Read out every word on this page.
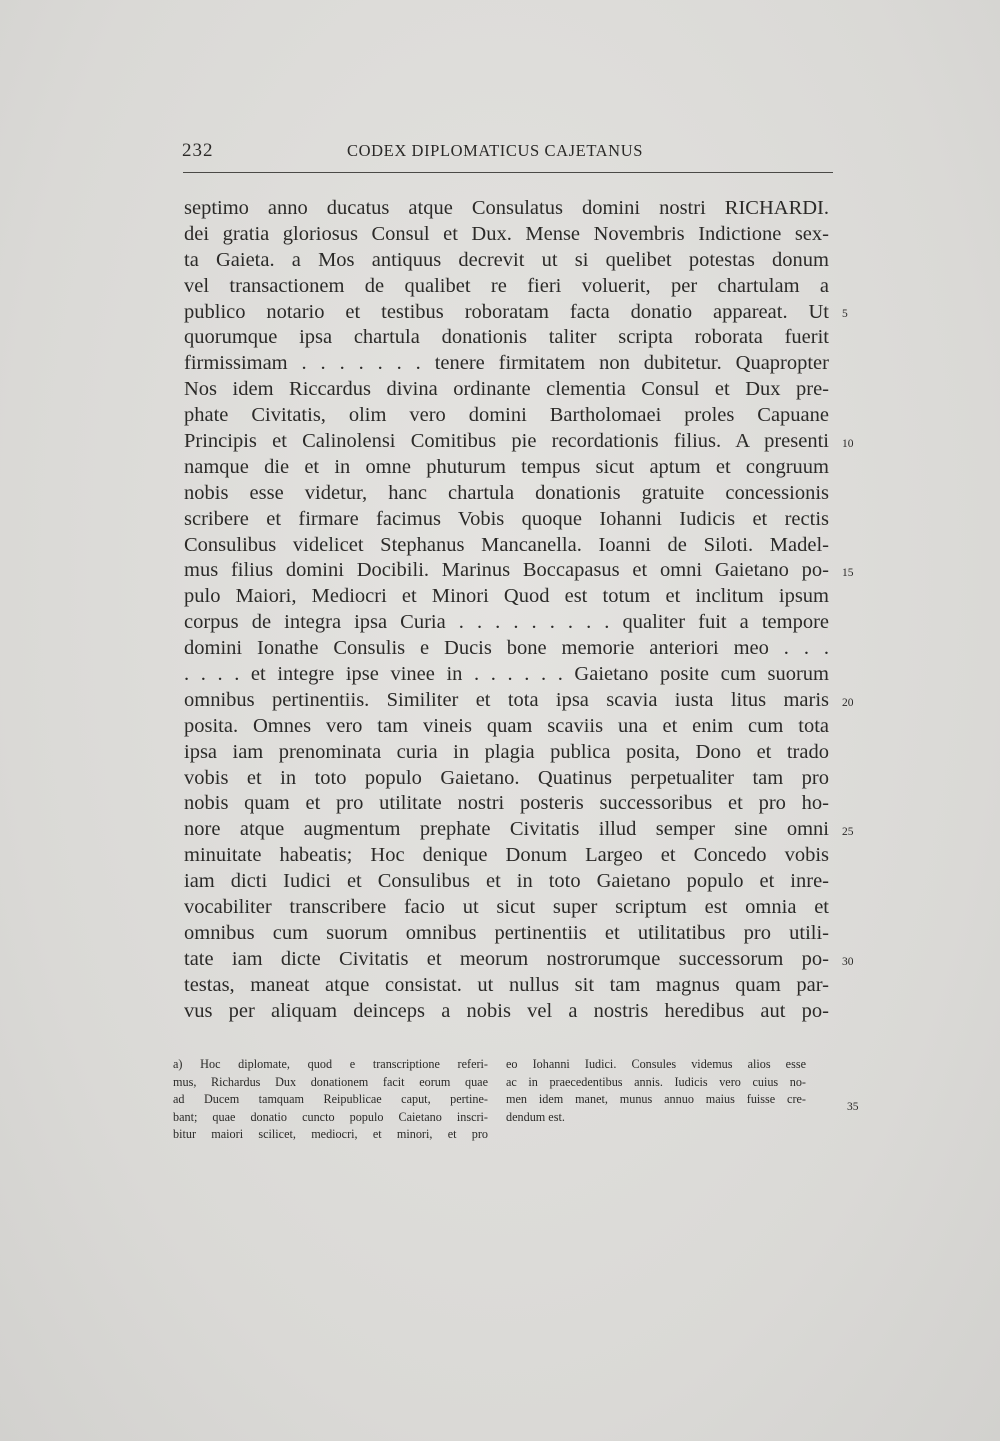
232	CODEX DIPLOMATICUS CAJETANUS
septimo anno ducatus atque Consulatus domini nostri RICHARDI.
dei gratia gloriosus Consul et Dux. Mense Novembris Indictione sex-
ta Gaieta. a Mos antiquus decrevit ut si quelibet potestas donum
vel transactionem de qualibet re fieri voluerit, per chartulam a
publico notario et testibus roboratam facta donatio appareat. Ut
quorumque ipsa chartula donationis taliter scripta roborata fuerit
firmissimam . . . . . . . tenere firmitatem non dubitetur. Quapropter
Nos idem Riccardus divina ordinante clementia Consul et Dux pre-
phate Civitatis, olim vero domini Bartholomaei proles Capuane
Principis et Calinolensi Comitibus pie recordationis filius. A presenti
namque die et in omne phuturum tempus sicut aptum et congruum
nobis esse videtur, hanc chartula donationis gratuite concessionis
scribere et firmare facimus Vobis quoque Iohanni Iudicis et rectis
Consulibus videlicet Stephanus Mancanella. Ioanni de Siloti. Madel-
mus filius domini Docibili. Marinus Boccapasus et omni Gaietano po-
pulo Maiori, Mediocri et Minori Quod est totum et inclitum ipsum
corpus de integra ipsa Curia . . . . . . . . . qualiter fuit a tempore
domini Ionathe Consulis e Ducis bone memorie anteriori meo . . .
. . . . et integre ipse vinee in . . . . . . Gaietano posite cum suorum
omnibus pertinentiis. Similiter et tota ipsa scavia iusta litus maris
posita. Omnes vero tam vineis quam scaviis una et enim cum tota
ipsa iam prenominata curia in plagia publica posita, Dono et trado
vobis et in toto populo Gaietano. Quatinus perpetualiter tam pro
nobis quam et pro utilitate nostri posteris successoribus et pro ho-
nore atque augmentum prephate Civitatis illud semper sine omni
minuitate habeatis; Hoc denique Donum Largeo et Concedo vobis
iam dicti Iudici et Consulibus et in toto Gaietano populo et inre-
vocabiliter transcribere facio ut sicut super scriptum est omnia et
omnibus cum suorum omnibus pertinentiis et utilitatibus pro utili-
tate iam dicte Civitatis et meorum nostrorumque successorum po-
testas, maneat atque consistat. ut nullus sit tam magnus quam par-
vus per aliquam deinceps a nobis vel a nostris heredibus aut po-
5
10
15
20
25
30
a) Hoc diplomate, quod e transcriptione referi-
mus, Richardus Dux donationem facit eorum quae
ad Ducem tamquam Reipublicae caput, pertine-
bant; quae donatio cuncto populo Caietano inscri-
bitur maiori scilicet, mediocri, et minori, et pro
eo Iohanni Iudici. Consules videmus alios esse
ac in praecedentibus annis. Iudicis vero cuius no-
men idem manet, munus annuo maius fuisse cre-
dendum est.
35
